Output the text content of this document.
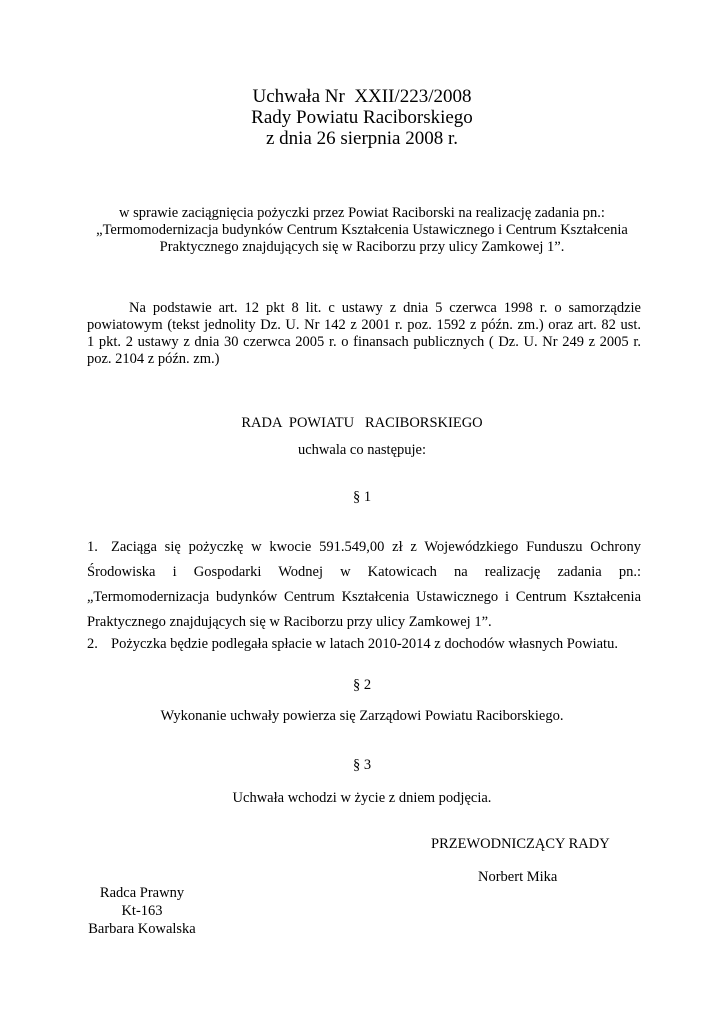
Uchwała Nr  XXII/223/2008
Rady Powiatu Raciborskiego
z dnia 26 sierpnia 2008 r.
w sprawie zaciągnięcia pożyczki przez Powiat Raciborski na realizację zadania pn.:
„Termomodernizacja budynków Centrum Kształcenia Ustawicznego i Centrum Kształcenia
Praktycznego znajdujących się w Raciborzu przy ulicy Zamkowej 1”.
Na podstawie art. 12 pkt 8 lit. c ustawy z dnia 5 czerwca 1998 r. o samorządzie
powiatowym (tekst jednolity Dz. U. Nr 142 z 2001 r. poz. 1592 z późn. zm.) oraz art. 82 ust.
1 pkt. 2 ustawy z dnia 30 czerwca 2005 r. o finansach publicznych ( Dz. U. Nr 249 z 2005 r.
poz. 2104 z późn. zm.)
RADA  POWIATU   RACIBORSKIEGO
uchwala co następuje:
§ 1
1. Zaciąga się pożyczkę w kwocie 591.549,00 zł z Wojewódzkiego Funduszu Ochrony
Środowiska i Gospodarki Wodnej w Katowicach na realizację zadania pn.:
„Termomodernizacja budynków Centrum Kształcenia Ustawicznego i Centrum Kształcenia
Praktycznego znajdujących się w Raciborzu przy ulicy Zamkowej 1”.
2. Pożyczka będzie podlegała spłacie w latach 2010-2014 z dochodów własnych Powiatu.
§ 2
Wykonanie uchwały powierza się Zarządowi Powiatu Raciborskiego.
§ 3
Uchwała wchodzi w życie z dniem podjęcia.
PRZEWODNICZĄCY RADY
Norbert Mika
Radca Prawny
Kt-163
Barbara Kowalska
